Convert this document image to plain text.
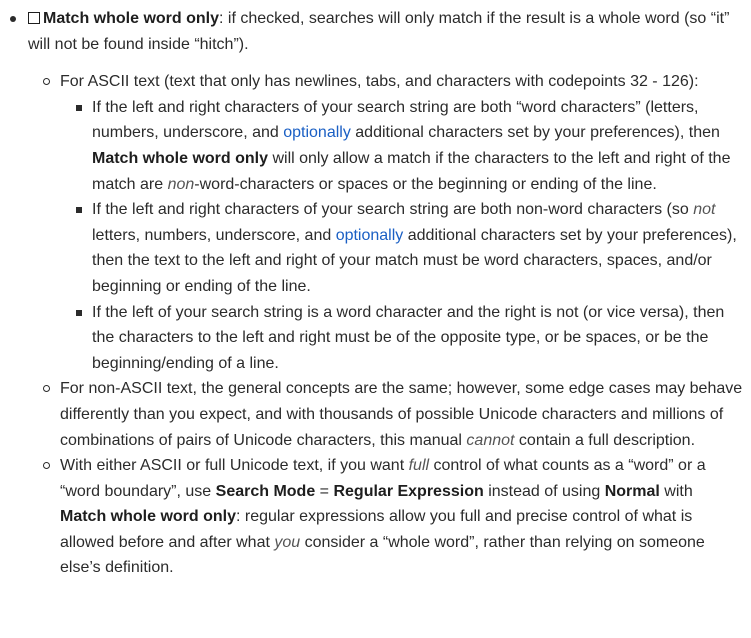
Match whole word only: if checked, searches will only match if the result is a whole word (so “it” will not be found inside “hitch”).
For ASCII text (text that only has newlines, tabs, and characters with codepoints 32 - 126):
If the left and right characters of your search string are both “word characters” (letters, numbers, underscore, and optionally additional characters set by your preferences), then Match whole word only will only allow a match if the characters to the left and right of the match are non-word-characters or spaces or the beginning or ending of the line.
If the left and right characters of your search string are both non-word characters (so not letters, numbers, underscore, and optionally additional characters set by your preferences), then the text to the left and right of your match must be word characters, spaces, and/or beginning or ending of the line.
If the left of your search string is a word character and the right is not (or vice versa), then the characters to the left and right must be of the opposite type, or be spaces, or be the beginning/ending of a line.
For non-ASCII text, the general concepts are the same; however, some edge cases may behave differently than you expect, and with thousands of possible Unicode characters and millions of combinations of pairs of Unicode characters, this manual cannot contain a full description.
With either ASCII or full Unicode text, if you want full control of what counts as a “word” or a “word boundary”, use Search Mode = Regular Expression instead of using Normal with Match whole word only: regular expressions allow you full and precise control of what is allowed before and after what you consider a “whole word”, rather than relying on someone else’s definition.
